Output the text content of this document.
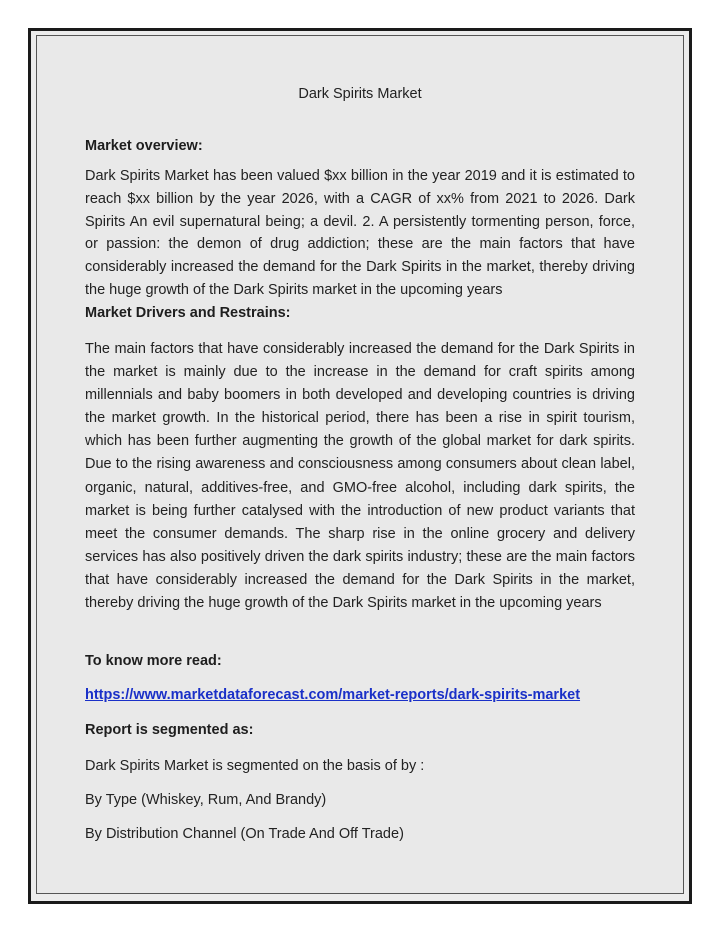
Dark Spirits Market
Market overview:
Dark Spirits Market has been valued $xx billion in the year 2019 and it is estimated to reach $xx billion by the year 2026, with a CAGR of xx% from 2021 to 2026. Dark Spirits An evil supernatural being; a devil. 2. A persistently tormenting person, force, or passion: the demon of drug addiction; these are the main factors that have considerably increased the demand for the Dark Spirits in the market, thereby driving the huge growth of the Dark Spirits market in the upcoming years
Market Drivers and Restrains:
The main factors that have considerably increased the demand for the Dark Spirits in the market is mainly due to the increase in the demand for craft spirits among millennials and baby boomers in both developed and developing countries is driving the market growth. In the historical period, there has been a rise in spirit tourism, which has been further augmenting the growth of the global market for dark spirits. Due to the rising awareness and consciousness among consumers about clean label, organic, natural, additives-free, and GMO-free alcohol, including dark spirits, the market is being further catalysed with the introduction of new product variants that meet the consumer demands. The sharp rise in the online grocery and delivery services has also positively driven the dark spirits industry; these are the main factors that have considerably increased the demand for the Dark Spirits in the market, thereby driving the huge growth of the Dark Spirits market in the upcoming years
To know more read:
https://www.marketdataforecast.com/market-reports/dark-spirits-market
Report is segmented as:
Dark Spirits Market is segmented on the basis of by :
By Type (Whiskey, Rum, And Brandy)
By Distribution Channel (On Trade And Off Trade)
